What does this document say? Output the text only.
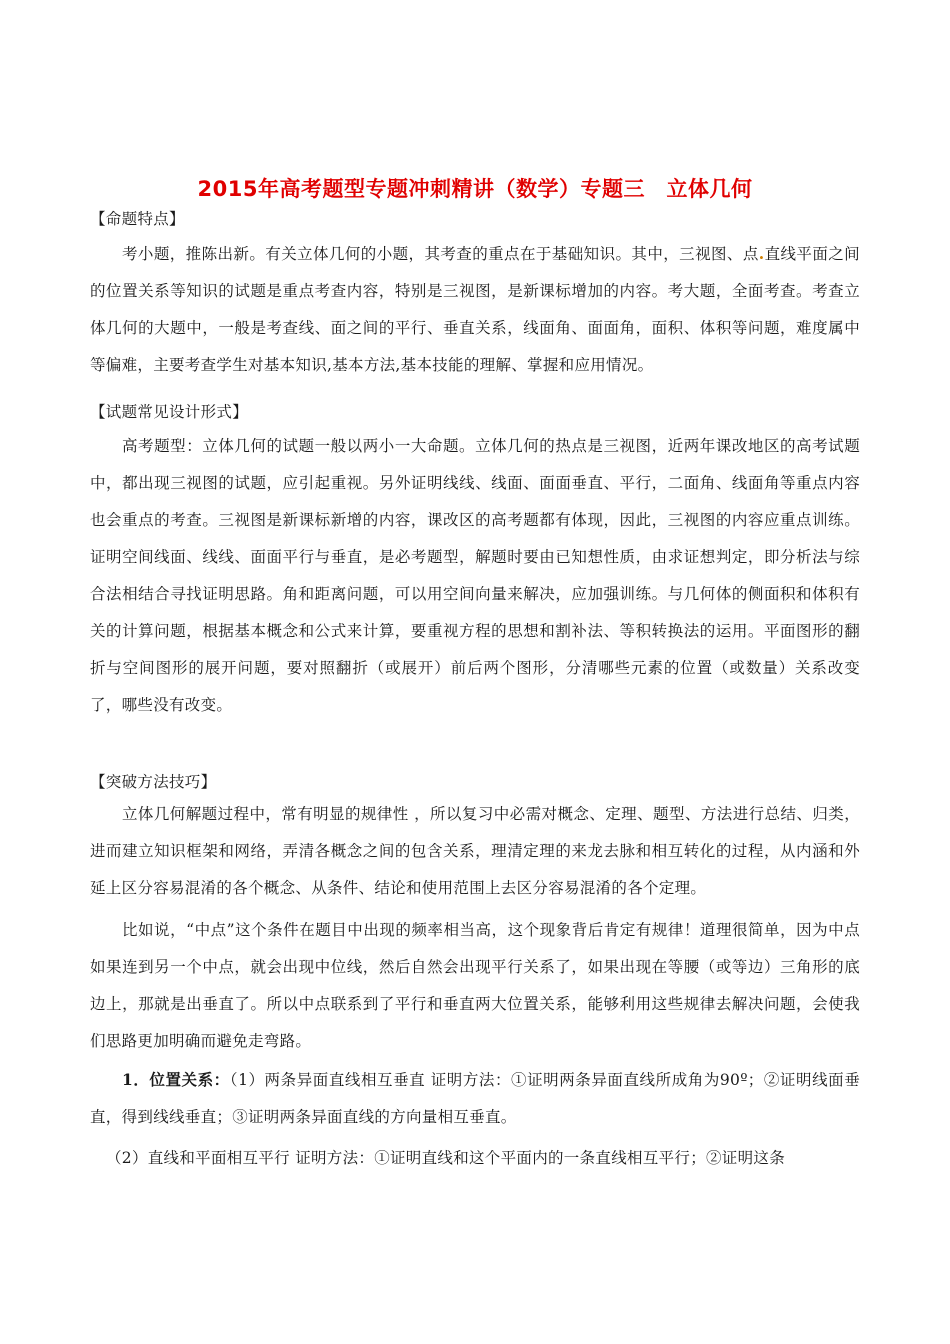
2015年高考题型专题冲刺精讲（数学）专题三　立体几何
【命题特点】

考小题，推陈出新。有关立体几何的小题，其考查的重点在于基础知识。其中，三视图、点.直线平面之间的位置关系等知识的试题是重点考查内容，特别是三视图，是新课标增加的内容。考大题，全面考查。考查立体几何的大题中，一般是考查线、面之间的平行、垂直关系，线面角、面面角，面积、体积等问题，难度属中等偏难，主要考查学生对基本知识,基本方法,基本技能的理解、掌握和应用情况。

【试题常见设计形式】

高考题型：立体几何的试题一般以两小一大命题。立体几何的热点是三视图，近两年课改地区的高考试题中，都出现三视图的试题，应引起重视。另外证明线线、线面、面面垂直、平行，二面角、线面角等重点内容也会重点的考查。三视图是新课标新增的内容，课改区的高考题都有体现，因此，三视图的内容应重点训练。证明空间线面、线线、面面平行与垂直，是必考题型，解题时要由已知想性质，由求证想判定，即分析法与综合法相结合寻找证明思路。角和距离问题，可以用空间向量来解决，应加强训练。与几何体的侧面积和体积有关的计算问题，根据基本概念和公式来计算，要重视方程的思想和割补法、等积转换法的运用。平面图形的翻折与空间图形的展开问题，要对照翻折（或展开）前后两个图形，分清哪些元素的位置（或数量）关系改变了，哪些没有改变。

【突破方法技巧】

立体几何解题过程中，常有明显的规律性 ，所以复习中必需对概念、定理、题型、方法进行总结、归类，进而建立知识框架和网络，弄清各概念之间的包含关系，理清定理的来龙去脉和相互转化的过程，从内涵和外延上区分容易混淆的各个概念、从条件、结论和使用范围上去区分容易混淆的各个定理。

比如说，“中点”这个条件在题目中出现的频率相当高，这个现象背后肯定有规律！道理很简单，因为中点如果连到另一个中点，就会出现中位线，然后自然会出现平行关系了，如果出现在等腰（或等边）三角形的底边上，那就是出垂直了。所以中点联系到了平行和垂直两大位置关系，能够利用这些规律去解决问题，会使我们思路更加明确而避免走弯路。

1．位置关系：（1）两条异面直线相互垂直 证明方法：①证明两条异面直线所成角为90º；②证明线面垂直，得到线线垂直；③证明两条异面直线的方向量相互垂直。

（2）直线和平面相互平行 证明方法：①证明直线和这个平面内的一条直线相互平行；②证明这条
